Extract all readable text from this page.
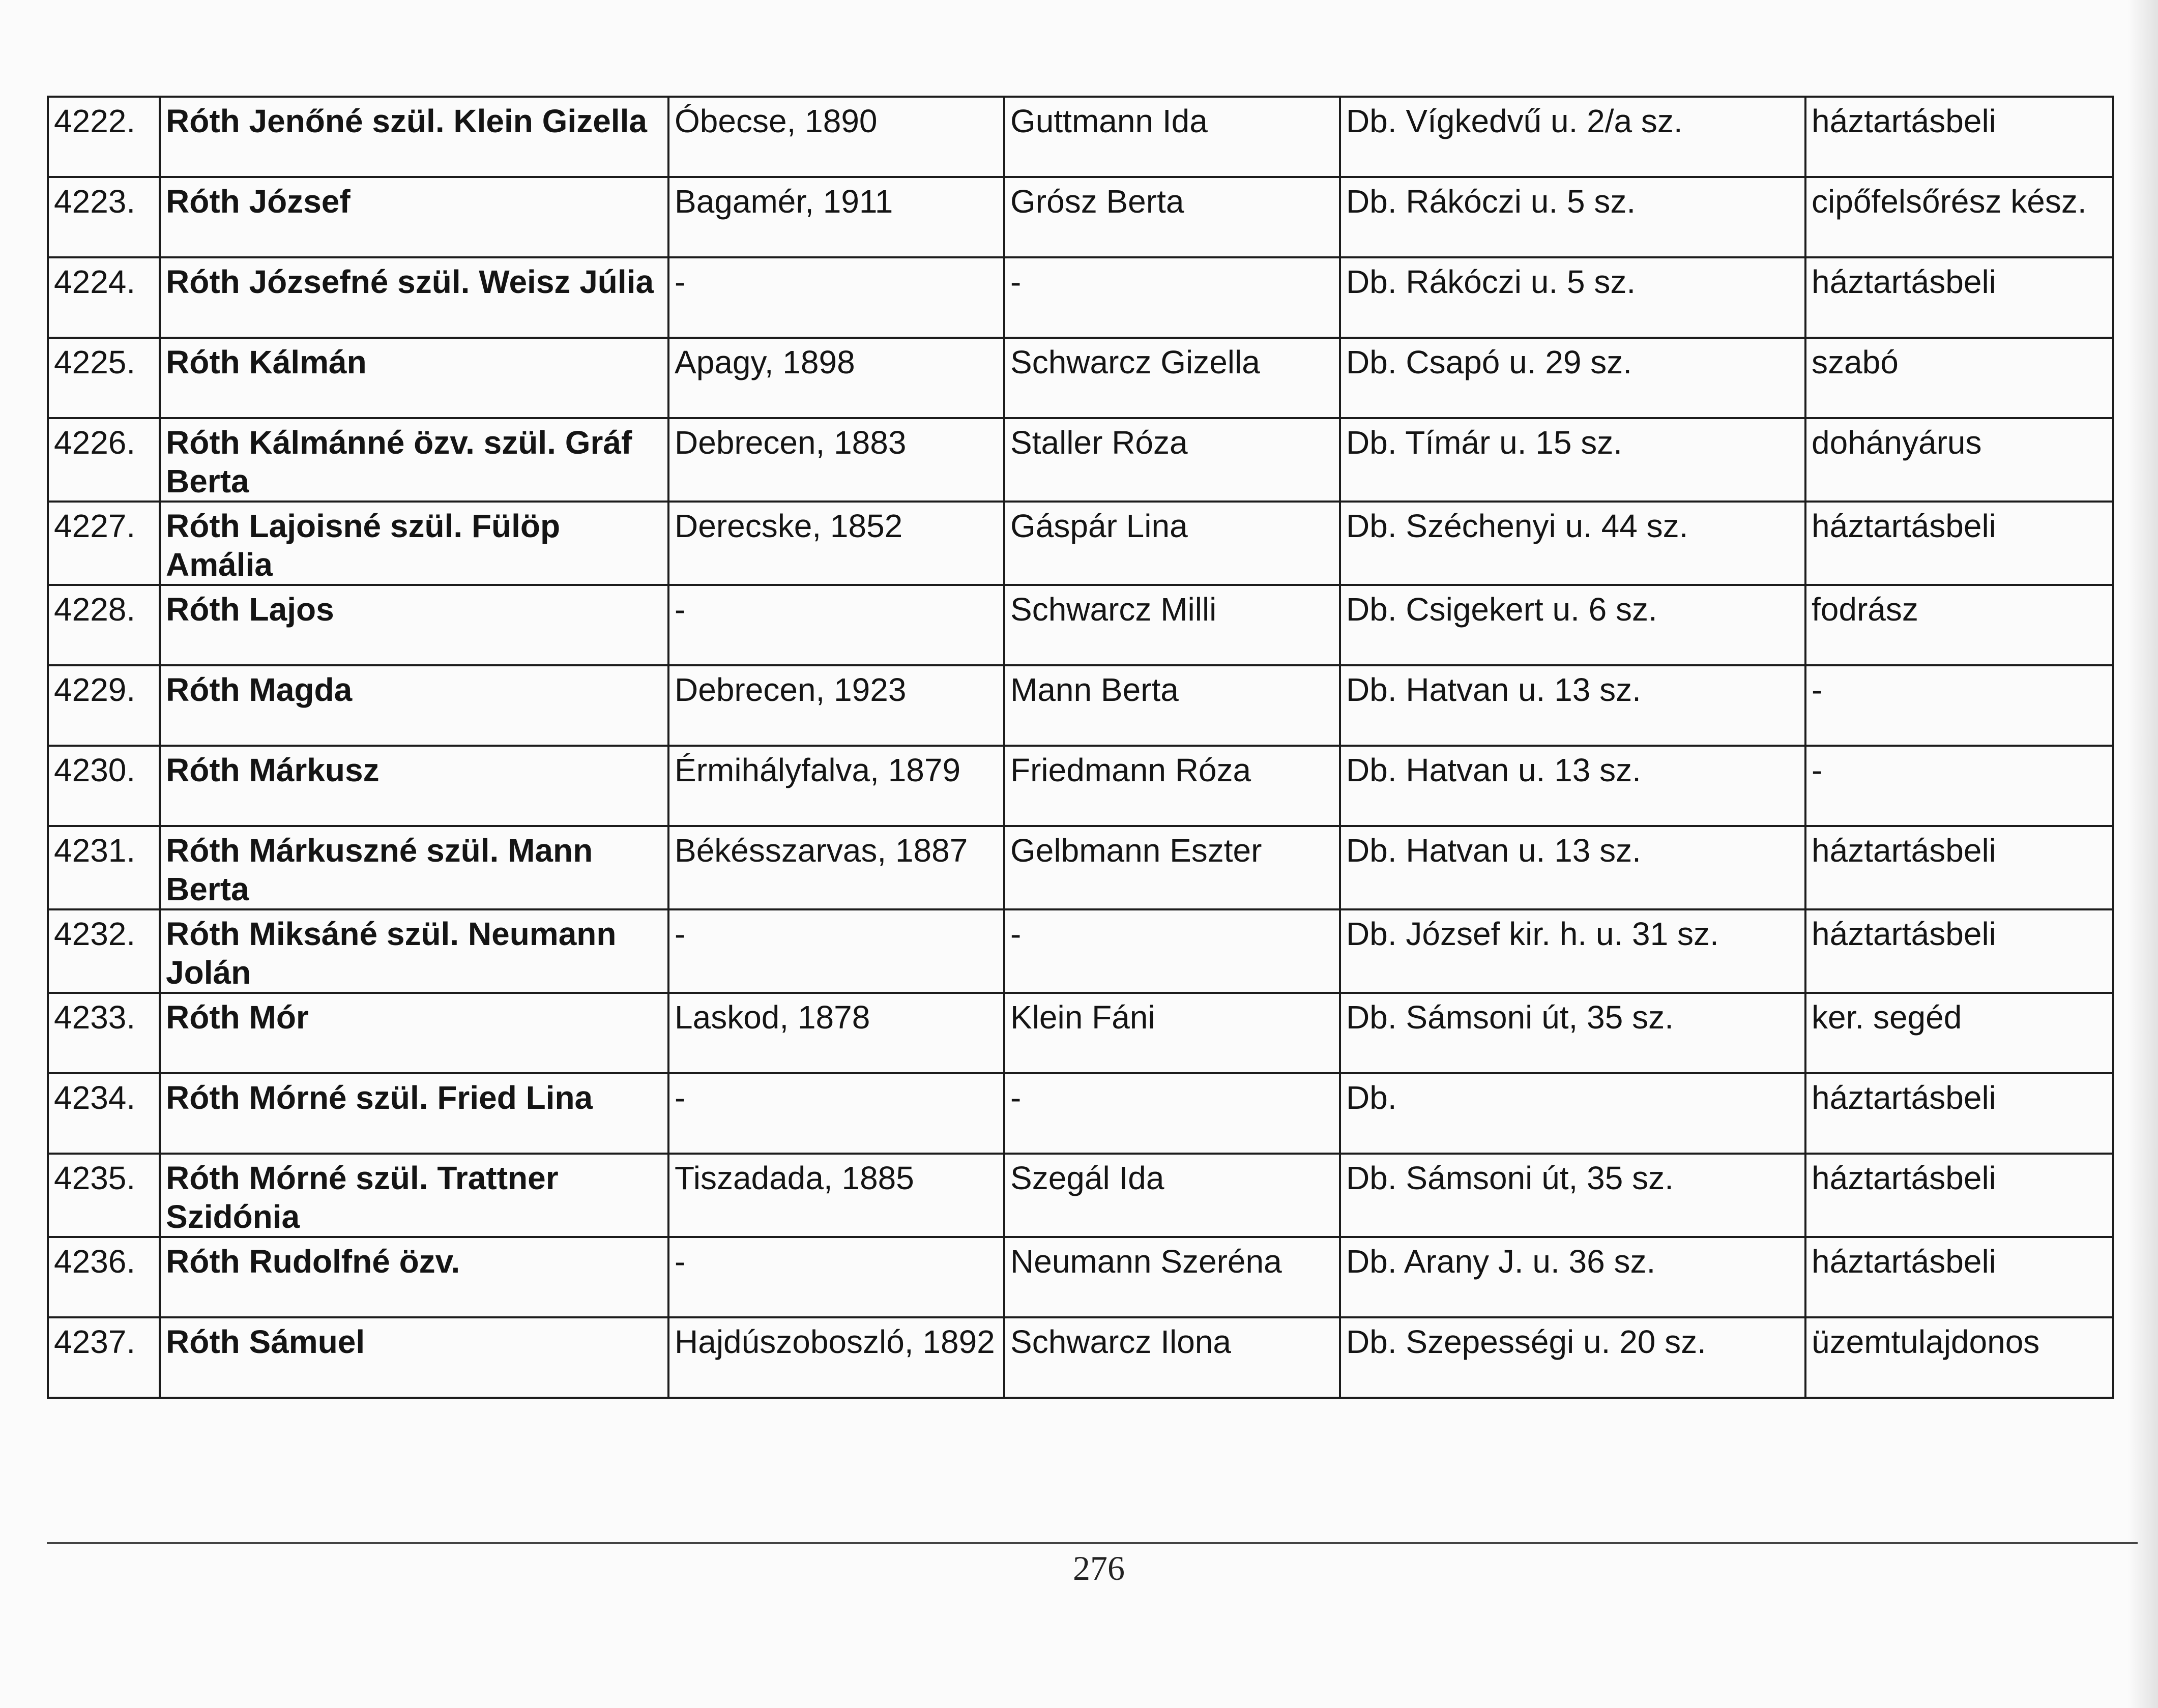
4222.	Róth Jenőné szül. Klein Gizella	Óbecse, 1890	Guttmann Ida	Db. Vígkedvű u. 2/a sz.	háztartásbeli
4223.	Róth József	Bagamér, 1911	Grósz Berta	Db. Rákóczi u. 5 sz.	cipőfelsőrész kész.
4224.	Róth Józsefné szül. Weisz Júlia	-	-	Db. Rákóczi u. 5 sz.	háztartásbeli
4225.	Róth Kálmán	Apagy, 1898	Schwarcz Gizella	Db. Csapó u. 29 sz.	szabó
4226.	Róth Kálmánné özv. szül. Gráf Berta	Debrecen, 1883	Staller Róza	Db. Tímár u. 15 sz.	dohányárus
4227.	Róth Lajoisné szül. Fülöp Amália	Derecske, 1852	Gáspár Lina	Db. Széchenyi u. 44 sz.	háztartásbeli
4228.	Róth Lajos	-	Schwarcz Milli	Db. Csigekert u. 6 sz.	fodrász
4229.	Róth Magda	Debrecen, 1923	Mann Berta	Db. Hatvan u. 13 sz.	-
4230.	Róth Márkusz	Érmihályfalva, 1879	Friedmann Róza	Db. Hatvan u. 13 sz.	-
4231.	Róth Márkuszné szül. Mann Berta	Békésszarvas, 1887	Gelbmann Eszter	Db. Hatvan u. 13 sz.	háztartásbeli
4232.	Róth Miksáné szül. Neumann Jolán	-	-	Db. József kir. h. u. 31 sz.	háztartásbeli
4233.	Róth Mór	Laskod, 1878	Klein Fáni	Db. Sámsoni út, 35 sz.	ker. segéd
4234.	Róth Mórné szül. Fried Lina	-	-	Db.	háztartásbeli
4235.	Róth Mórné szül. Trattner Szidónia	Tiszadada, 1885	Szegál Ida	Db. Sámsoni út, 35 sz.	háztartásbeli
4236.	Róth Rudolfné özv.	-	Neumann Szeréna	Db. Arany J. u. 36 sz.	háztartásbeli
4237.	Róth Sámuel	Hajdúszoboszló, 1892	Schwarcz Ilona	Db. Szepességi u. 20 sz.	üzemtulajdonos
276
